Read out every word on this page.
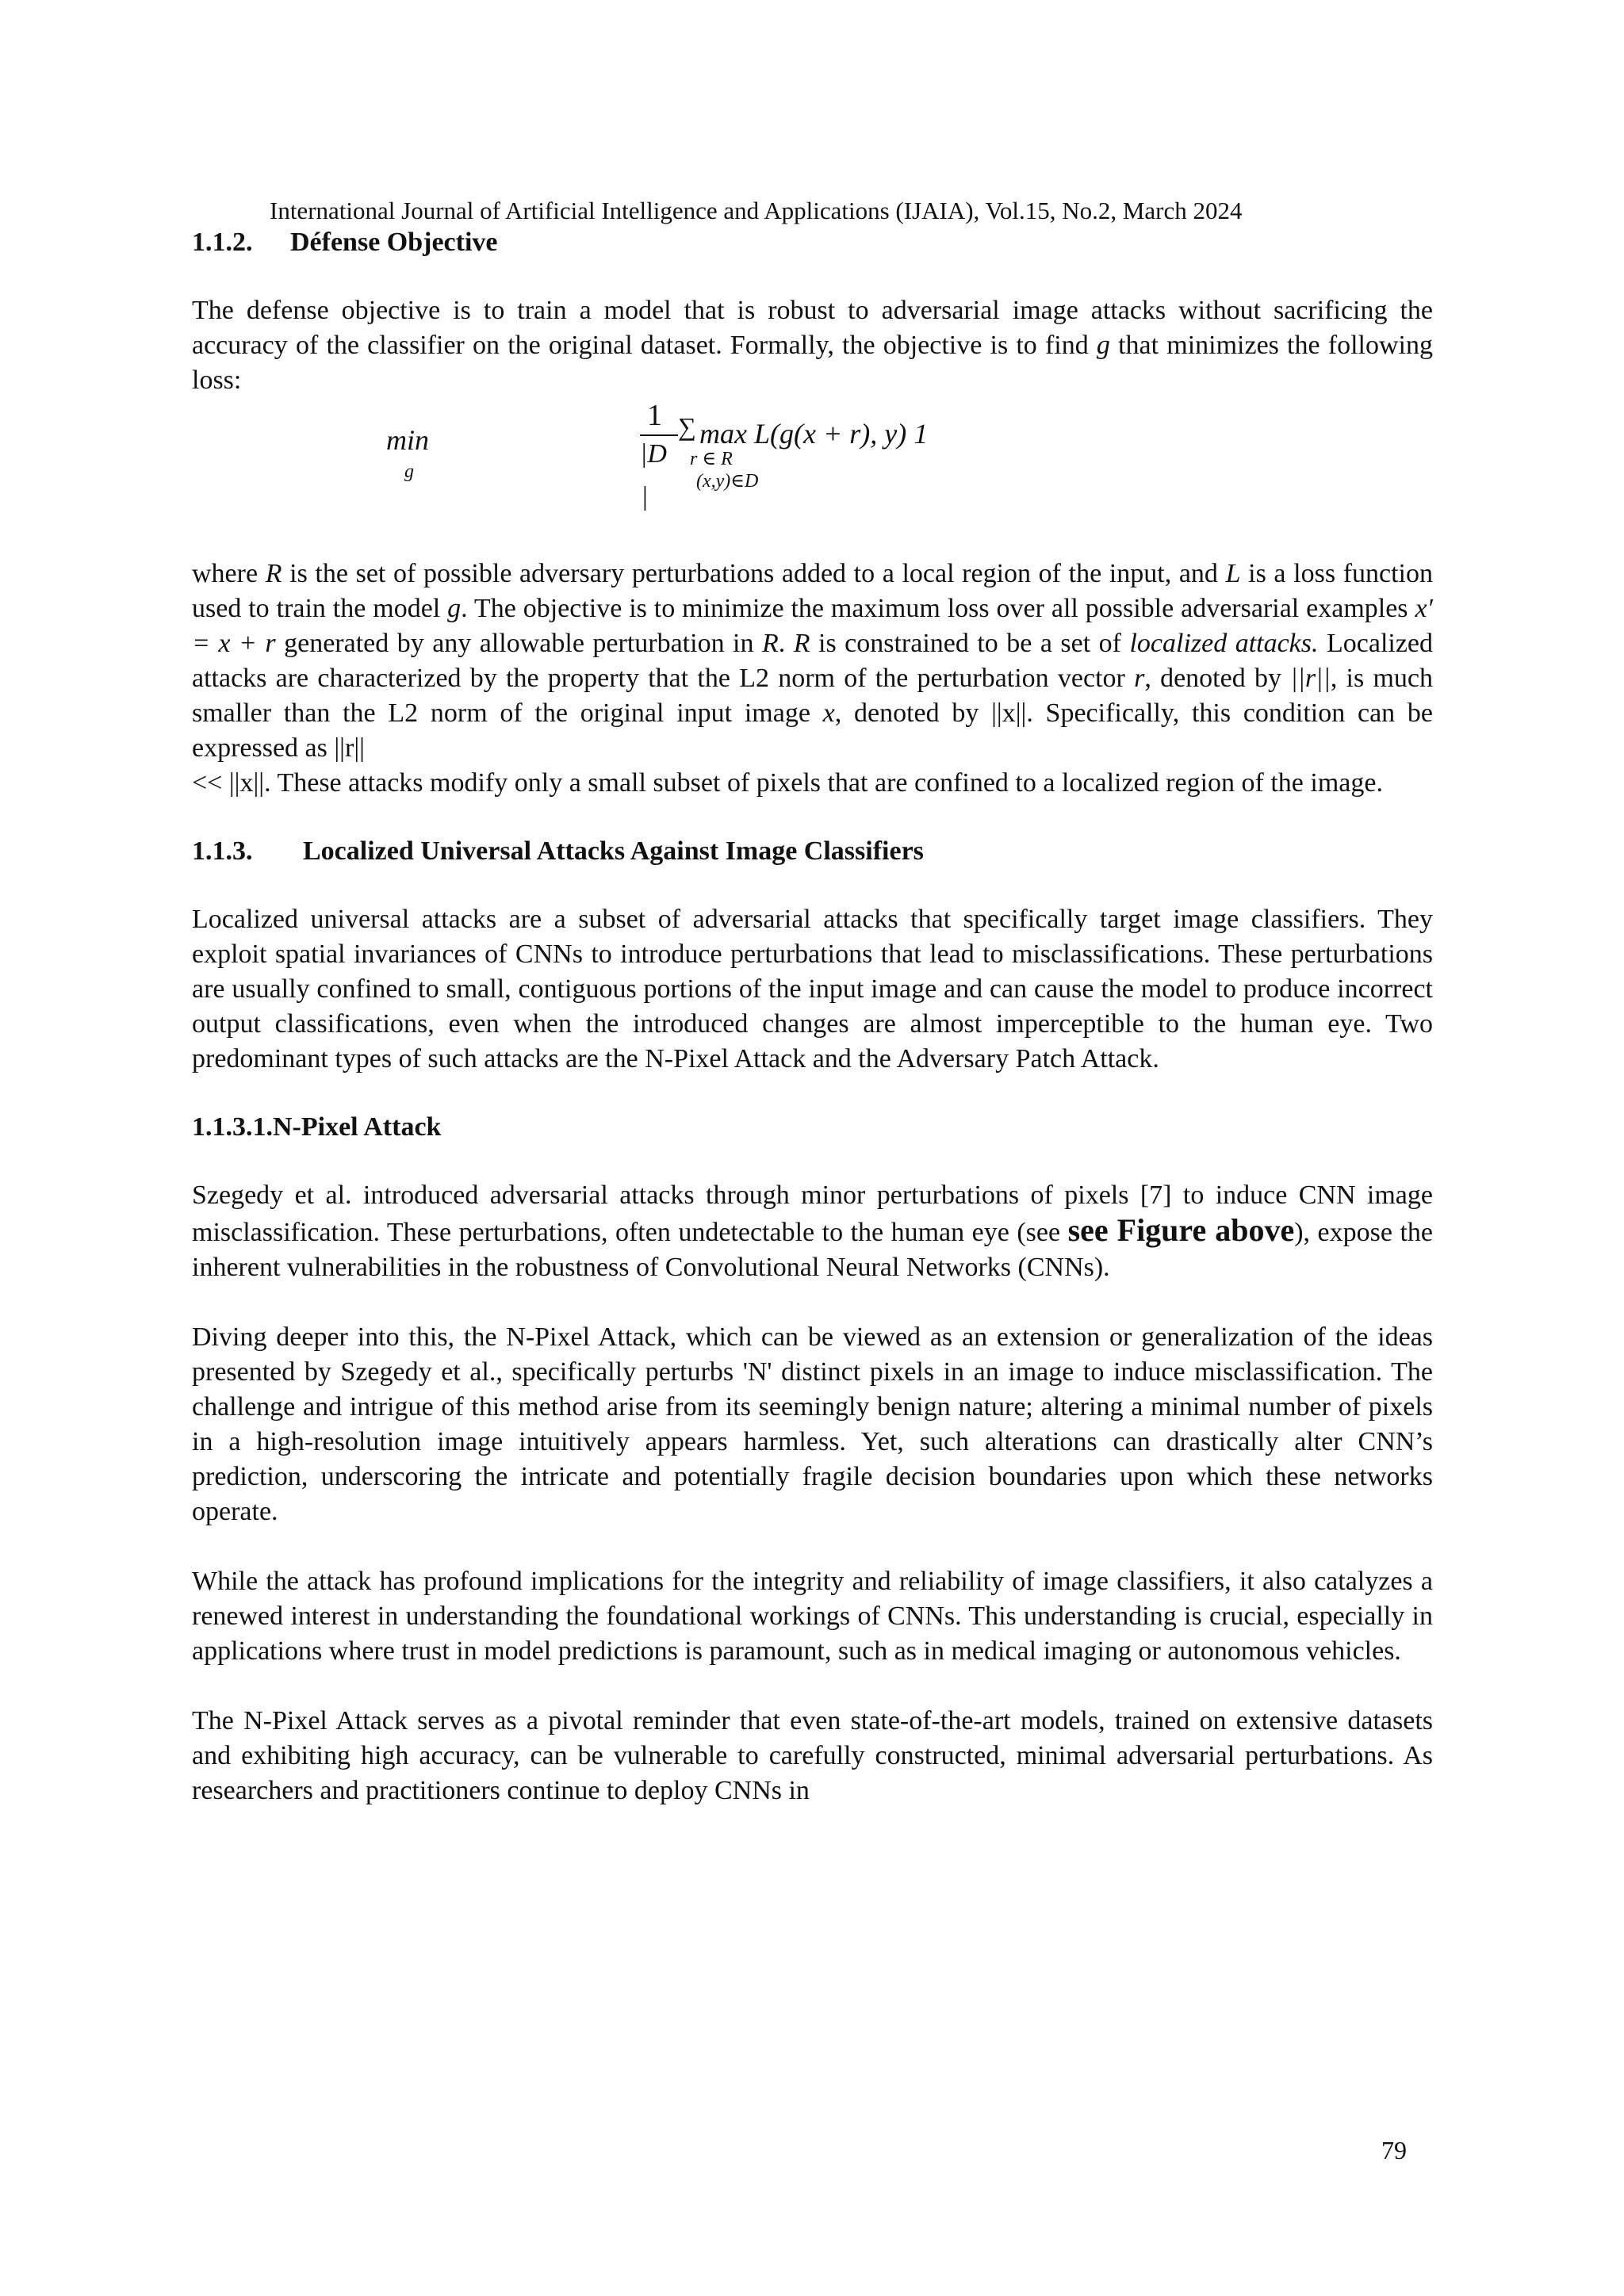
International Journal of Artificial Intelligence and Applications (IJAIA), Vol.15, No.2, March 2024
1.1.2. Défense Objective

The defense objective is to train a model that is robust to adversarial image attacks without sacrificing the accuracy of the classifier on the original dataset. Formally, the objective is to find g that minimizes the following loss:

min
g
1
|D
|
∑ max L(g(x + r), y) 1
r ∈ R
(x,y)∈D

where R is the set of possible adversary perturbations added to a local region of the input, and L is a loss function used to train the model g. The objective is to minimize the maximum loss over all possible adversarial examples x′ = x + r generated by any allowable perturbation in R. R is constrained to be a set of localized attacks. Localized attacks are characterized by the property that the L2 norm of the perturbation vector r, denoted by ||r||, is much smaller than the L2 norm of the original input image x, denoted by ||x||. Specifically, this condition can be expressed as ||r||
<< ||x||. These attacks modify only a small subset of pixels that are confined to a localized region of the image.

1.1.3. Localized Universal Attacks Against Image Classifiers

Localized universal attacks are a subset of adversarial attacks that specifically target image classifiers. They exploit spatial invariances of CNNs to introduce perturbations that lead to misclassifications. These perturbations are usually confined to small, contiguous portions of the input image and can cause the model to produce incorrect output classifications, even when the introduced changes are almost imperceptible to the human eye. Two predominant types of such attacks are the N-Pixel Attack and the Adversary Patch Attack.

1.1.3.1.N-Pixel Attack

Szegedy et al. introduced adversarial attacks through minor perturbations of pixels [7] to induce CNN image misclassification. These perturbations, often undetectable to the human eye (see see Figure above), expose the inherent vulnerabilities in the robustness of Convolutional Neural Networks (CNNs).

Diving deeper into this, the N-Pixel Attack, which can be viewed as an extension or generalization of the ideas presented by Szegedy et al., specifically perturbs 'N' distinct pixels in an image to induce misclassification. The challenge and intrigue of this method arise from its seemingly benign nature; altering a minimal number of pixels in a high-resolution image intuitively appears harmless. Yet, such alterations can drastically alter CNN’s prediction, underscoring the intricate and potentially fragile decision boundaries upon which these networks operate.

While the attack has profound implications for the integrity and reliability of image classifiers, it also catalyzes a renewed interest in understanding the foundational workings of CNNs. This understanding is crucial, especially in applications where trust in model predictions is paramount, such as in medical imaging or autonomous vehicles.

The N-Pixel Attack serves as a pivotal reminder that even state-of-the-art models, trained on extensive datasets and exhibiting high accuracy, can be vulnerable to carefully constructed, minimal adversarial perturbations. As researchers and practitioners continue to deploy CNNs in

79
